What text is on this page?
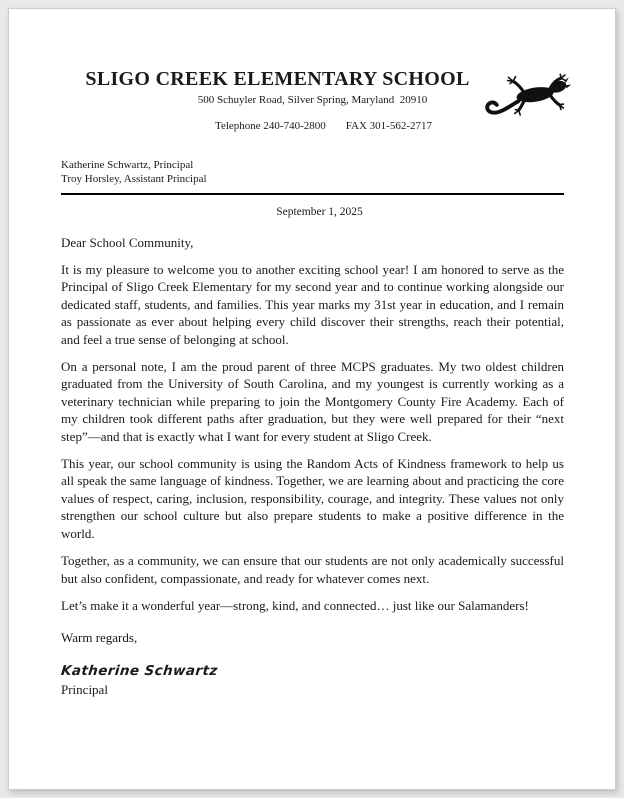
SLIGO CREEK ELEMENTARY SCHOOL
500 Schuyler Road, Silver Spring, Maryland  20910

Telephone 240-740-2800 FAX 301-562-2717

Katherine Schwartz, Principal
Troy Horsley, Assistant Principal
September 1, 2025
Dear School Community,

It is my pleasure to welcome you to another exciting school year! I am honored to serve as the Principal of Sligo Creek Elementary for my second year and to continue working alongside our dedicated staff, students, and families. This year marks my 31st year in education, and I remain as passionate as ever about helping every child discover their strengths, reach their potential, and feel a true sense of belonging at school.

On a personal note, I am the proud parent of three MCPS graduates. My two oldest children graduated from the University of South Carolina, and my youngest is currently working as a veterinary technician while preparing to join the Montgomery County Fire Academy. Each of my children took different paths after graduation, but they were well prepared for their “next step”—and that is exactly what I want for every student at Sligo Creek.

This year, our school community is using the Random Acts of Kindness framework to help us all speak the same language of kindness. Together, we are learning about and practicing the core values of respect, caring, inclusion, responsibility, courage, and integrity. These values not only strengthen our school culture but also prepare students to make a positive difference in the world.

Together, as a community, we can ensure that our students are not only academically successful but also confident, compassionate, and ready for whatever comes next.

Let’s make it a wonderful year—strong, kind, and connected… just like our Salamanders!

Warm regards,
Katherine Schwartz
Principal
